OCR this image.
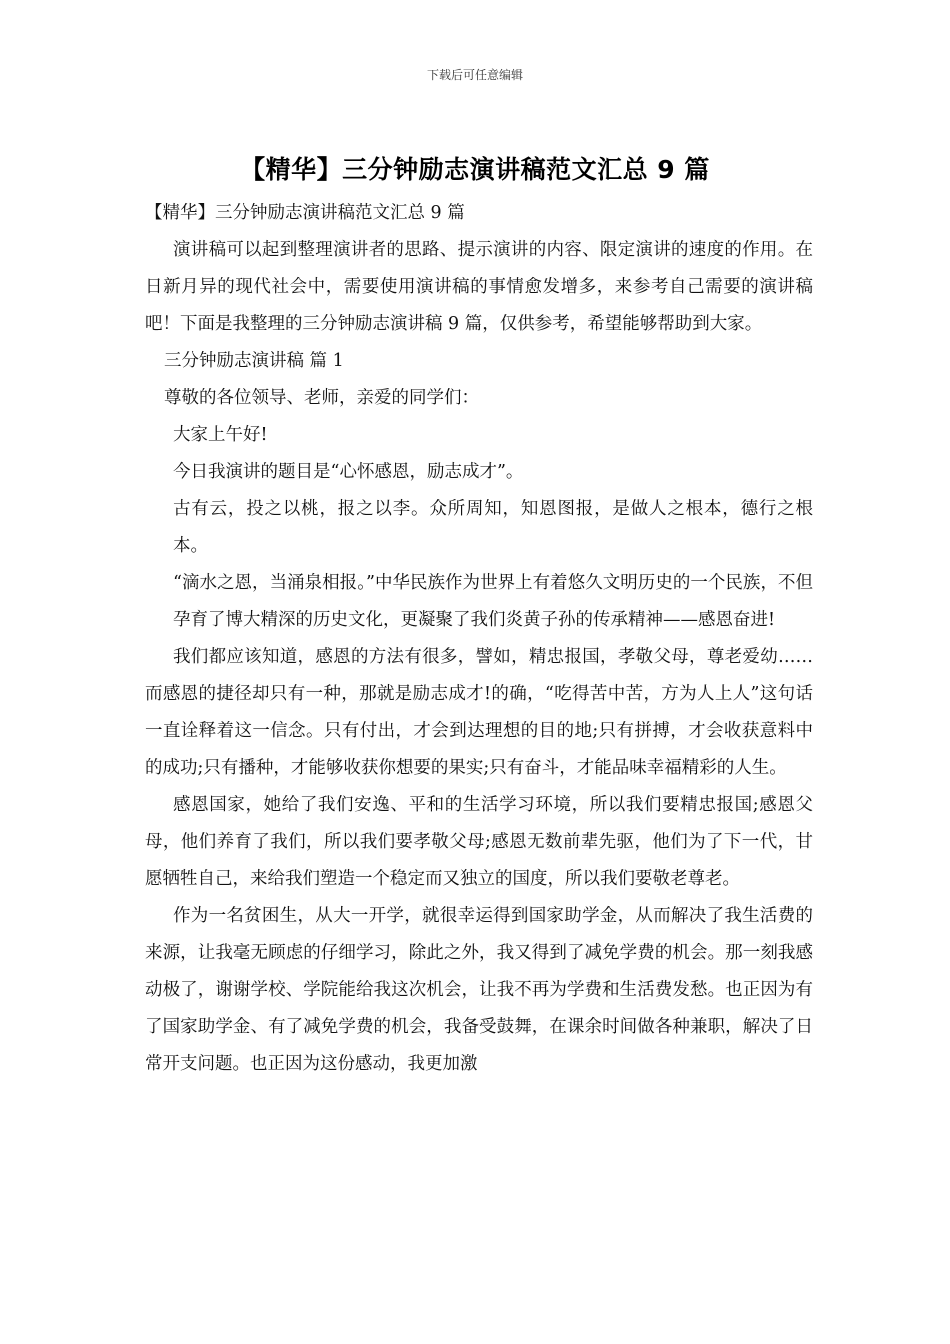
下载后可任意编辑
【精华】三分钟励志演讲稿范文汇总 9 篇

【精华】三分钟励志演讲稿范文汇总 9 篇

演讲稿可以起到整理演讲者的思路、提示演讲的内容、限定演讲的速度的作用。在日新月异的现代社会中，需要使用演讲稿的事情愈发增多，来参考自己需要的演讲稿吧！下面是我整理的三分钟励志演讲稿 9 篇，仅供参考，希望能够帮助到大家。

三分钟励志演讲稿 篇 1

尊敬的各位领导、老师，亲爱的同学们：

大家上午好!

今日我演讲的题目是“心怀感恩，励志成才”。

古有云，投之以桃，报之以李。众所周知，知恩图报，是做人之根本，德行之根本。

“滴水之恩，当涌泉相报。”中华民族作为世界上有着悠久文明历史的一个民族，不但孕育了博大精深的历史文化，更凝聚了我们炎黄子孙的传承精神——感恩奋进!

我们都应该知道，感恩的方法有很多，譬如，精忠报国，孝敬父母，尊老爱幼……而感恩的捷径却只有一种，那就是励志成才!的确，“吃得苦中苦，方为人上人”这句话一直诠释着这一信念。只有付出，才会到达理想的目的地;只有拼搏，才会收获意料中的成功;只有播种，才能够收获你想要的果实;只有奋斗，才能品味幸福精彩的人生。

感恩国家，她给了我们安逸、平和的生活学习环境，所以我们要精忠报国;感恩父母，他们养育了我们，所以我们要孝敬父母;感恩无数前辈先驱，他们为了下一代，甘愿牺牲自己，来给我们塑造一个稳定而又独立的国度，所以我们要敬老尊老。

作为一名贫困生，从大一开学，就很幸运得到国家助学金，从而解决了我生活费的来源，让我毫无顾虑的仔细学习，除此之外，我又得到了减免学费的机会。那一刻我感动极了，谢谢学校、学院能给我这次机会，让我不再为学费和生活费发愁。也正因为有了国家助学金、有了减免学费的机会，我备受鼓舞，在课余时间做各种兼职，解决了日常开支问题。也正因为这份感动，我更加激
